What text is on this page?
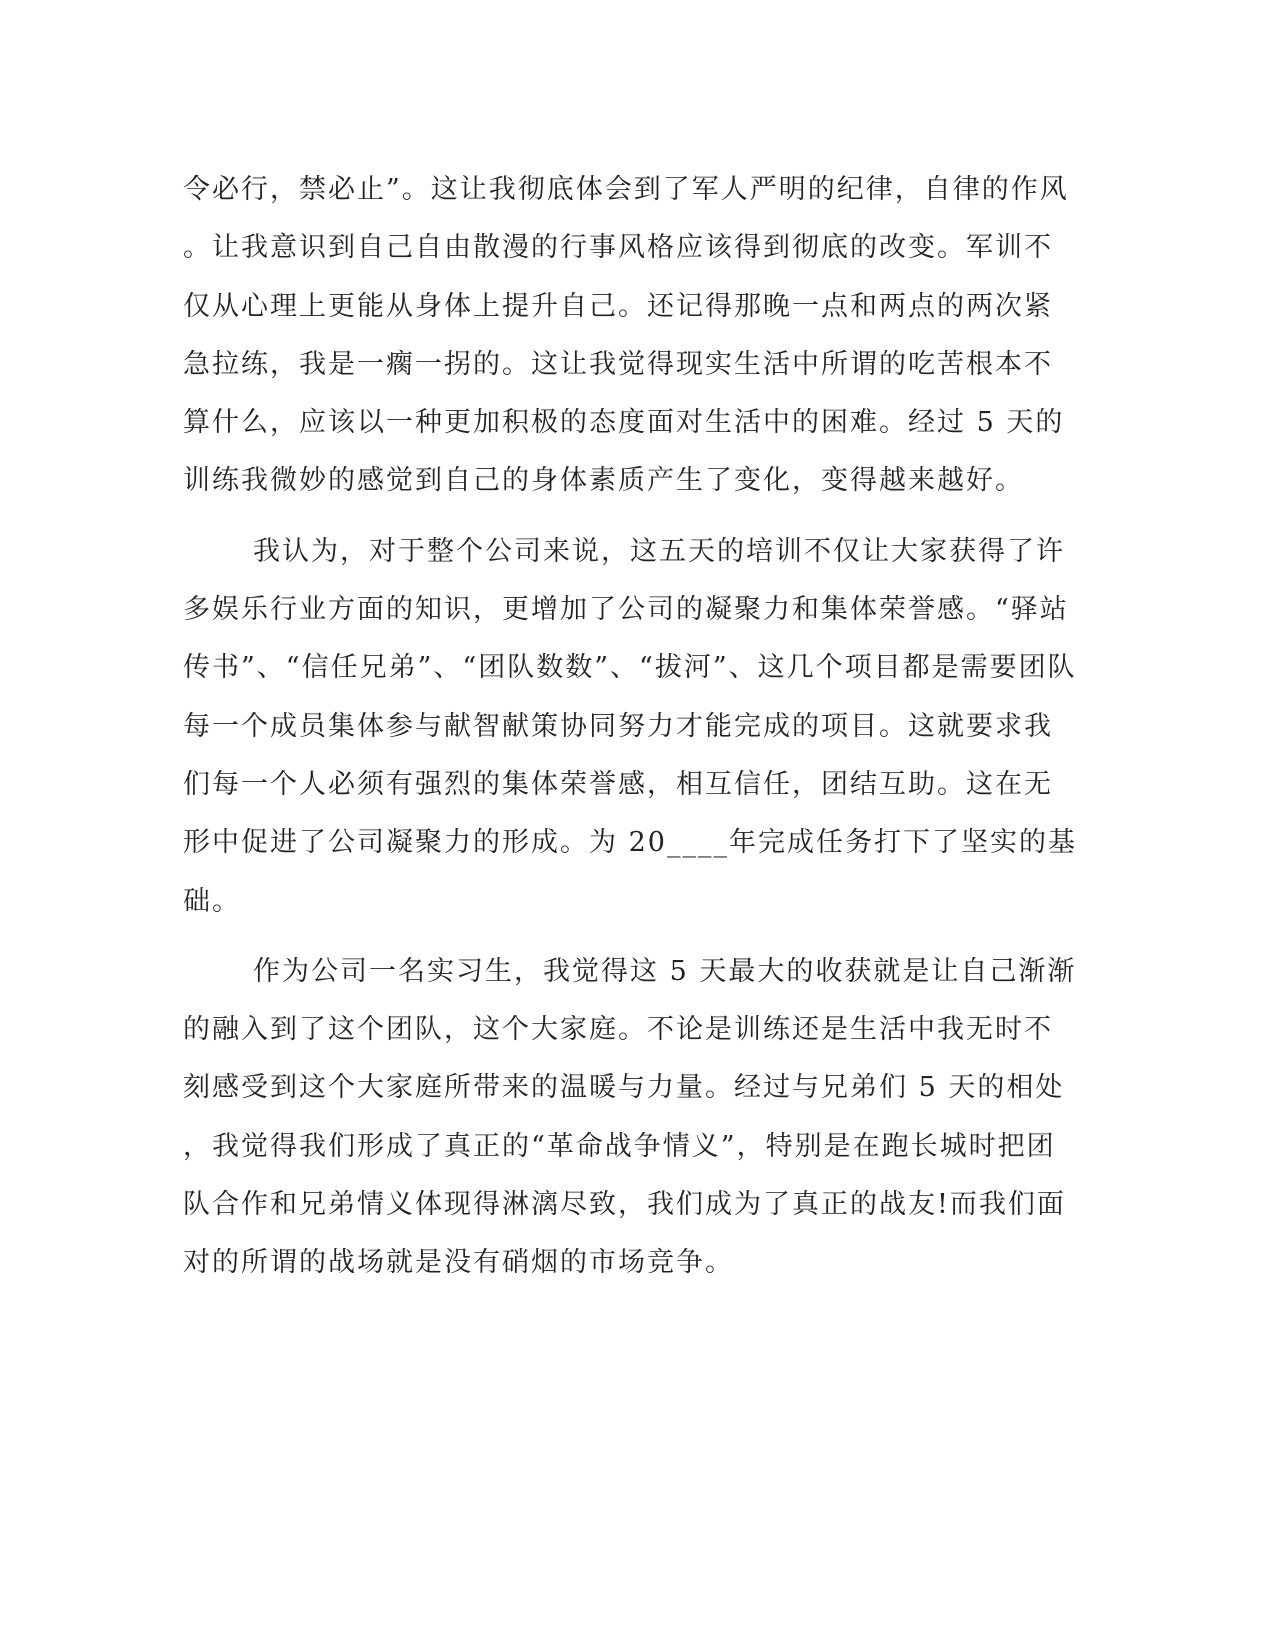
令必行，禁必止”。这让我彻底体会到了军人严明的纪律，自律的作风
。让我意识到自己自由散漫的行事风格应该得到彻底的改变。军训不
仅从心理上更能从身体上提升自己。还记得那晚一点和两点的两次紧
急拉练，我是一瘸一拐的。这让我觉得现实生活中所谓的吃苦根本不
算什么，应该以一种更加积极的态度面对生活中的困难。经过 5 天的
训练我微妙的感觉到自己的身体素质产生了变化，变得越来越好。
我认为，对于整个公司来说，这五天的培训不仅让大家获得了许
多娱乐行业方面的知识，更增加了公司的凝聚力和集体荣誉感。“驿站
传书”、“信任兄弟”、“团队数数”、“拔河”、这几个项目都是需要团队
每一个成员集体参与献智献策协同努力才能完成的项目。这就要求我
们每一个人必须有强烈的集体荣誉感，相互信任，团结互助。这在无
形中促进了公司凝聚力的形成。为 20____年完成任务打下了坚实的基
础。
作为公司一名实习生，我觉得这 5 天最大的收获就是让自己渐渐
的融入到了这个团队，这个大家庭。不论是训练还是生活中我无时不
刻感受到这个大家庭所带来的温暖与力量。经过与兄弟们 5 天的相处
，我觉得我们形成了真正的“革命战争情义”，特别是在跑长城时把团
队合作和兄弟情义体现得淋漓尽致，我们成为了真正的战友!而我们面
对的所谓的战场就是没有硝烟的市场竞争。
